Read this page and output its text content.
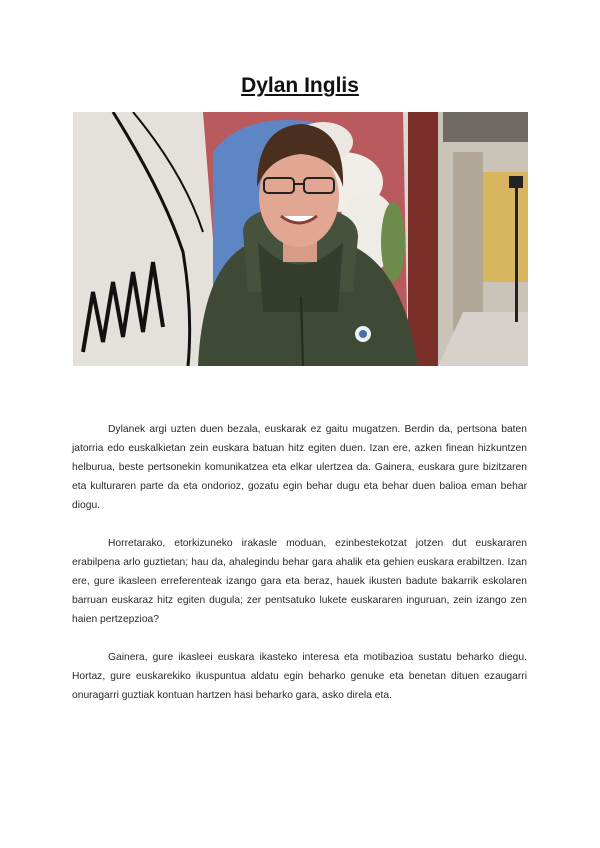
Dylan Inglis

Dylanek argi uzten duen bezala, euskarak ez gaitu mugatzen. Berdin da, pertsona baten jatorria edo euskalkietan zein euskara batuan hitz egiten duen. Izan ere, azken finean hizkuntzen helburua, beste pertsonekin komunikatzea eta elkar ulertzea da. Gainera, euskara gure bizitzaren eta kulturaren parte da eta ondorioz, gozatu egin behar dugu eta behar duen balioa eman behar diogu.

Horretarako, etorkizuneko irakasle moduan, ezinbestekotzat jotzen dut euskararen erabilpena arlo guztietan; hau da, ahalegindu behar gara ahalik eta gehien euskara erabiltzen. Izan ere, gure ikasleen erreferenteak izango gara eta beraz, hauek ikusten badute bakarrik eskolaren barruan euskaraz hitz egiten dugula; zer pentsatuko lukete euskararen inguruan, zein izango zen haien pertzepzioa?

Gainera, gure ikasleei euskara ikasteko interesa eta motibazioa sustatu beharko diegu. Hortaz, gure euskarekiko ikuspuntua aldatu egin beharko genuke eta benetan dituen ezaugarri onuragarri guztiak kontuan hartzen hasi beharko gara, asko direla eta.
